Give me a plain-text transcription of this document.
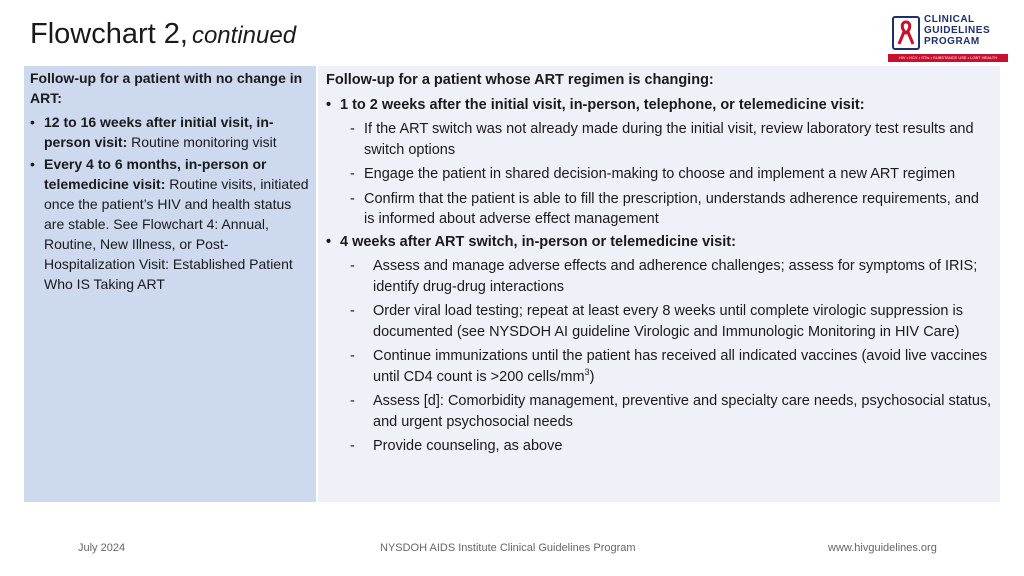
Flowchart 2, continued
CLINICAL
GUIDELINES
PROGRAM
HIV • HCV • STIs • SUBSTANCE USE • LGBT HEALTH
Follow-up for a patient with no change in ART:
• 12 to 16 weeks after initial visit, in-person visit: Routine monitoring visit
• Every 4 to 6 months, in-person or telemedicine visit: Routine visits, initiated once the patient’s HIV and health status are stable. See Flowchart 4: Annual, Routine, New Illness, or Post-Hospitalization Visit: Established Patient Who IS Taking ART
Follow-up for a patient whose ART regimen is changing:
• 1 to 2 weeks after the initial visit, in-person, telephone, or telemedicine visit:
- If the ART switch was not already made during the initial visit, review laboratory test results and switch options
- Engage the patient in shared decision-making to choose and implement a new ART regimen
- Confirm that the patient is able to fill the prescription, understands adherence requirements, and is informed about adverse effect management
• 4 weeks after ART switch, in-person or telemedicine visit:
- Assess and manage adverse effects and adherence challenges; assess for symptoms of IRIS; identify drug-drug interactions
- Order viral load testing; repeat at least every 8 weeks until complete virologic suppression is documented (see NYSDOH AI guideline Virologic and Immunologic Monitoring in HIV Care)
- Continue immunizations until the patient has received all indicated vaccines (avoid live vaccines until CD4 count is >200 cells/$mm^3$)
- Assess [d]: Comorbidity management, preventive and specialty care needs, psychosocial status, and urgent psychosocial needs
- Provide counseling, as above
July 2024	NYSDOH AIDS Institute Clinical Guidelines Program	www.hivguidelines.org
